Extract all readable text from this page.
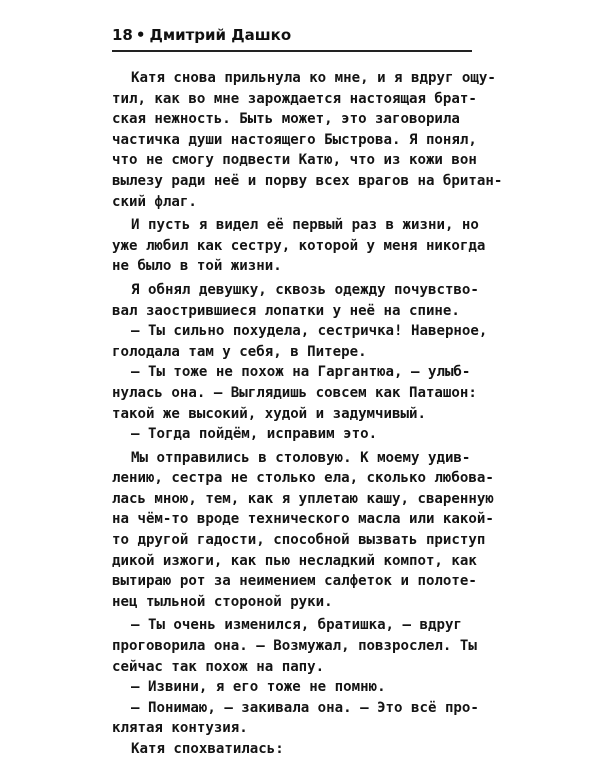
18 • Дмитрий Дашко
Катя снова прильнула ко мне, и я вдруг ощу-
тил, как во мне зарождается настоящая брат-
ская нежность. Быть может, это заговорила
частичка души настоящего Быстрова. Я понял,
что не смогу подвести Катю, что из кожи вон
вылезу ради неё и порву всех врагов на британ-
ский флаг.
И пусть я видел её первый раз в жизни, но
уже любил как сестру, которой у меня никогда
не было в той жизни.
Я обнял девушку, сквозь одежду почувство-
вал заострившиеся лопатки у неё на спине.
— Ты сильно похудела, сестричка! Наверное,
голодала там у себя, в Питере.
— Ты тоже не похож на Гаргантюа, — улыб-
нулась она. — Выглядишь совсем как Паташон:
такой же высокий, худой и задумчивый.
— Тогда пойдём, исправим это.
Мы отправились в столовую. К моему удив-
лению, сестра не столько ела, сколько любова-
лась мною, тем, как я уплетаю кашу, сваренную
на чём-то вроде технического масла или какой-
то другой гадости, способной вызвать приступ
дикой изжоги, как пью несладкий компот, как
вытираю рот за неимением салфеток и полоте-
нец тыльной стороной руки.
— Ты очень изменился, братишка, — вдруг
проговорила она. — Возмужал, повзрослел. Ты
сейчас так похож на папу.
— Извини, я его тоже не помню.
— Понимаю, — закивала она. — Это всё про-
клятая контузия.
Катя спохватилась:
